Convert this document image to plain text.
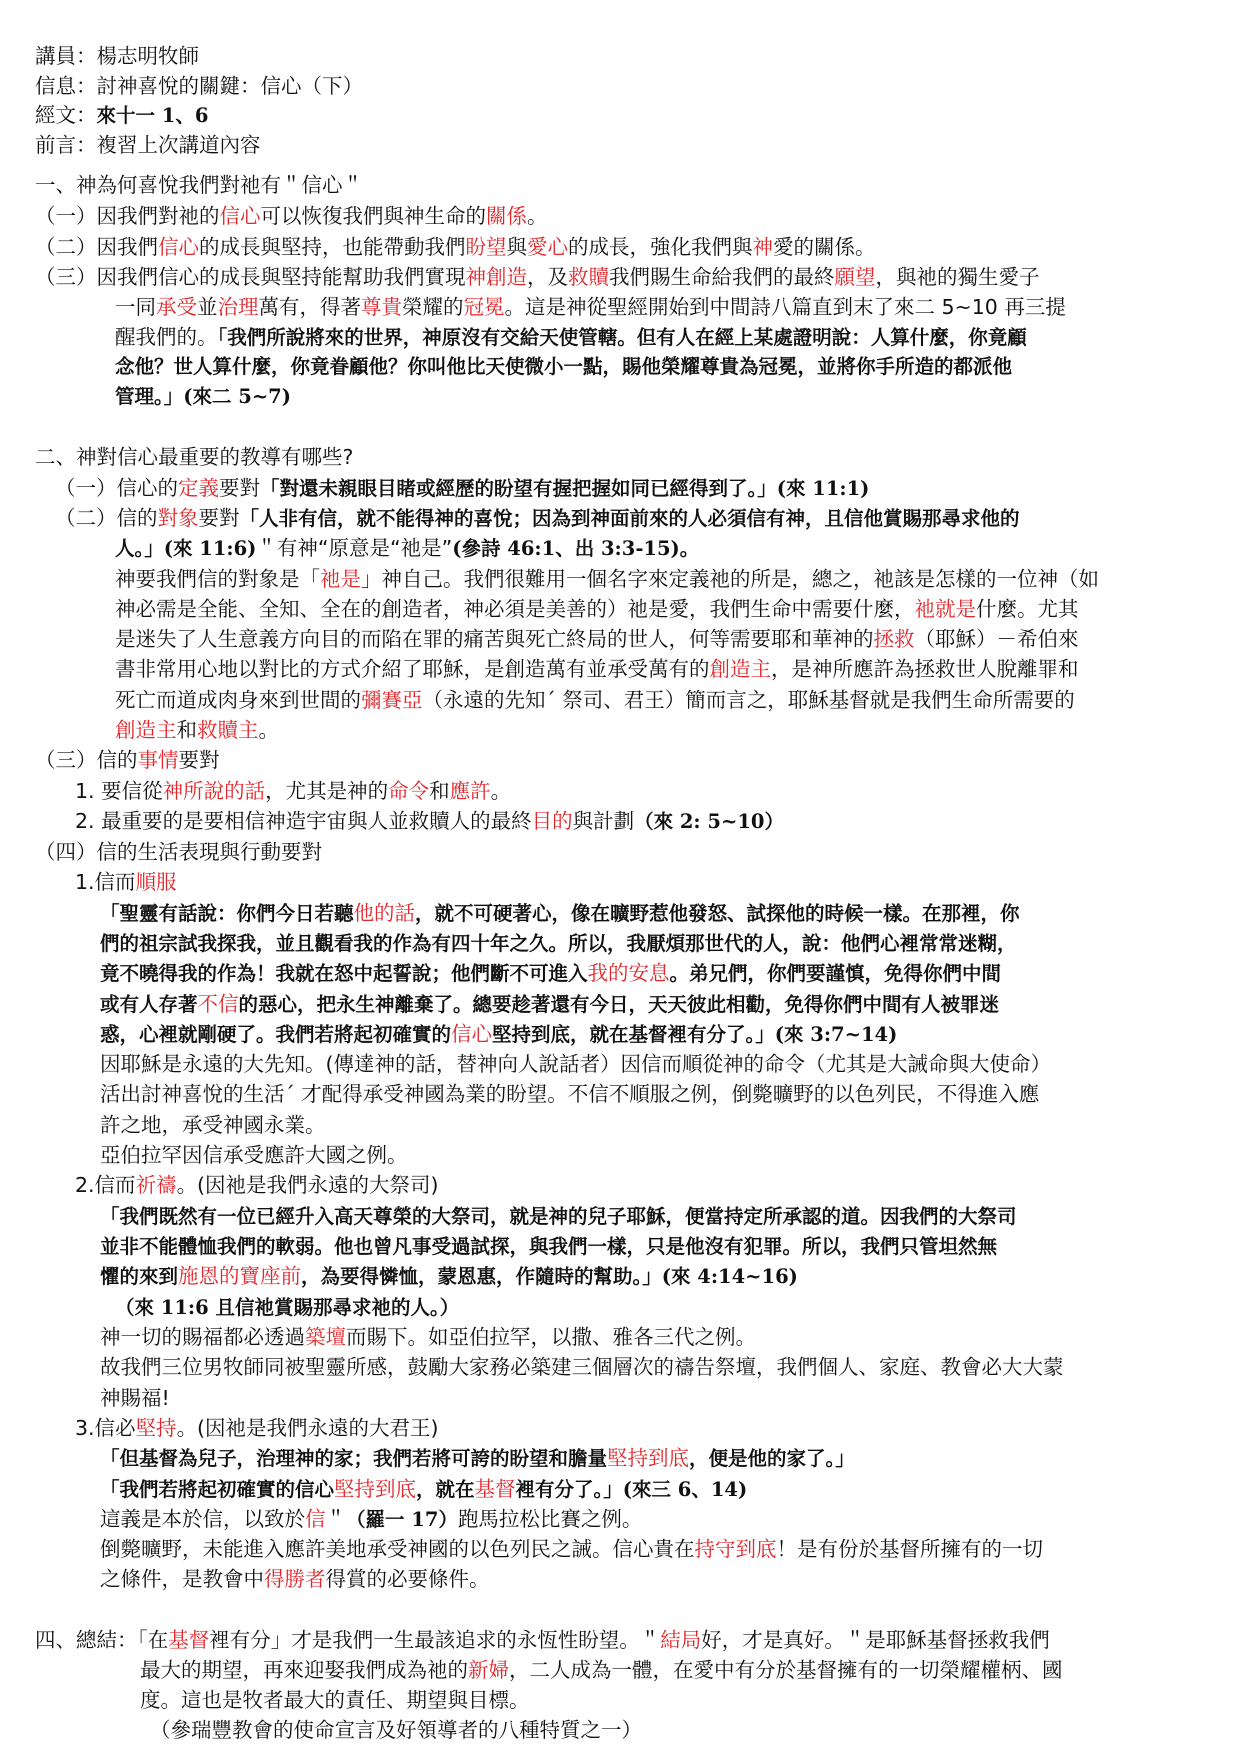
講員：楊志明牧師
信息：討神喜悅的關鍵：信心（下）
經文：來十一 1、6
前言：複習上次講道內容
一、神為何喜悅我們對祂有＂信心＂
（一）因我們對祂的信心可以恢復我們與神生命的關係。
（二）因我們信心的成長與堅持，也能帶動我們盼望與愛心的成長，強化我們與神愛的關係。
（三）因我們信心的成長與堅持能幫助我們實現神創造，及救贖我們賜生命給我們的最終願望，與祂的獨生愛子
一同承受並治理萬有，得著尊貴榮耀的冠冕。這是神從聖經開始到中間詩八篇直到末了來二 5~10 再三提
醒我們的。「我們所說將來的世界，神原沒有交給天使管轄。但有人在經上某處證明說：人算什麼，你竟顧
念他？世人算什麼，你竟眷顧他？你叫他比天使微小一點，賜他榮耀尊貴為冠冕，並將你手所造的都派他
管理。」(來二 5~7)
二、神對信心最重要的教導有哪些?
（一）信心的定義要對「對還未親眼目睹或經歷的盼望有握把握如同已經得到了。」(來 11:1)
（二）信的對象要對「人非有信，就不能得神的喜悅；因為到神面前來的人必須信有神，且信他賞賜那尋求他的
人。」(來 11:6)＂有神“原意是“祂是”(參詩 46:1、出 3:3-15)。
神要我們信的對象是「祂是」神自己。我們很難用一個名字來定義祂的所是，總之，祂該是怎樣的一位神（如
神必需是全能、全知、全在的創造者，神必須是美善的）祂是愛，我們生命中需要什麼，祂就是什麼。尤其
是迷失了人生意義方向目的而陷在罪的痛苦與死亡終局的世人，何等需要耶和華神的拯救（耶穌）－希伯來
書非常用心地以對比的方式介紹了耶穌，是創造萬有並承受萬有的創造主，是神所應許為拯救世人脫離罪和
死亡而道成肉身來到世間的彌賽亞（永遠的先知´ 祭司、君王）簡而言之，耶穌基督就是我們生命所需要的
創造主和救贖主。
（三）信的事情要對
1. 要信從神所說的話，尤其是神的命令和應許。
2. 最重要的是要相信神造宇宙與人並救贖人的最終目的與計劃（來 2: 5~10）
（四）信的生活表現與行動要對
1.信而順服
「聖靈有話說：你們今日若聽他的話，就不可硬著心，像在曠野惹他發怒、試探他的時候一樣。在那裡，你
們的祖宗試我探我，並且觀看我的作為有四十年之久。所以，我厭煩那世代的人，說：他們心裡常常迷糊，
竟不曉得我的作為！我就在怒中起誓說；他們斷不可進入我的安息。弟兄們，你們要謹慎，免得你們中間
或有人存著不信的惡心，把永生神離棄了。總要趁著還有今日，天天彼此相勸，免得你們中間有人被罪迷
惑，心裡就剛硬了。我們若將起初確實的信心堅持到底，就在基督裡有分了。」(來 3:7~14)
因耶穌是永遠的大先知。(傳達神的話，替神向人說話者）因信而順從神的命令（尤其是大誡命與大使命）
活出討神喜悅的生活´ 才配得承受神國為業的盼望。不信不順服之例，倒斃曠野的以色列民，不得進入應
許之地，承受神國永業。
亞伯拉罕因信承受應許大國之例。
2.信而祈禱。(因祂是我們永遠的大祭司)
「我們既然有一位已經升入高天尊榮的大祭司，就是神的兒子耶穌，便當持定所承認的道。因我們的大祭司
並非不能體恤我們的軟弱。他也曾凡事受過試探，與我們一樣，只是他沒有犯罪。所以，我們只管坦然無
懼的來到施恩的寶座前，為要得憐恤，蒙恩惠，作隨時的幫助。」(來 4:14~16)
（來 11:6 且信祂賞賜那尋求祂的人。）
神一切的賜福都必透過築壇而賜下。如亞伯拉罕，以撒、雅各三代之例。
故我們三位男牧師同被聖靈所感，鼓勵大家務必築建三個層次的禱告祭壇，我們個人、家庭、教會必大大蒙
神賜福!
3.信必堅持。(因祂是我們永遠的大君王)
「但基督為兒子，治理神的家；我們若將可誇的盼望和膽量堅持到底，便是他的家了。」
「我們若將起初確實的信心堅持到底，就在基督裡有分了。」(來三 6、14)
這義是本於信，以致於信＂（羅一 17）跑馬拉松比賽之例。
倒斃曠野，未能進入應許美地承受神國的以色列民之誡。信心貴在持守到底！是有份於基督所擁有的一切
之條件，是教會中得勝者得賞的必要條件。
四、總結：「在基督裡有分」才是我們一生最該追求的永恆性盼望。＂結局好，才是真好。＂是耶穌基督拯救我們
最大的期望，再來迎娶我們成為祂的新婦，二人成為一體，在愛中有分於基督擁有的一切榮耀權柄、國
度。這也是牧者最大的責任、期望與目標。
（參瑞豐教會的使命宣言及好領導者的八種特質之一）
